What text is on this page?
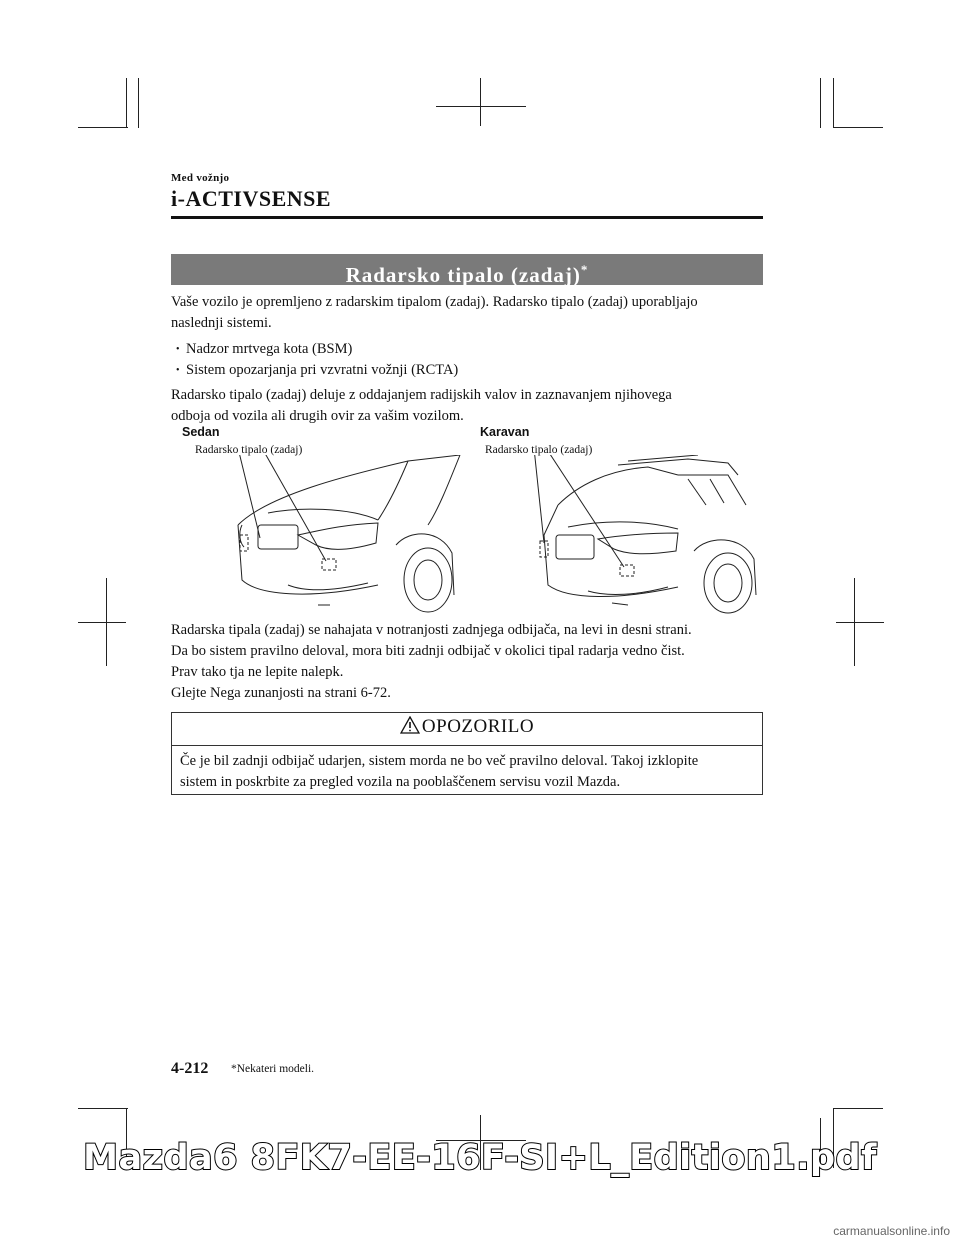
Med vožnjo
i-ACTIVSENSE
Radarsko tipalo (zadaj)*
Vaše vozilo je opremljeno z radarskim tipalom (zadaj). Radarsko tipalo (zadaj) uporabljajo
naslednji sistemi.
• Nadzor mrtvega kota (BSM)
• Sistem opozarjanja pri vzvratni vožnji (RCTA)
Radarsko tipalo (zadaj) deluje z oddajanjem radijskih valov in zaznavanjem njihovega
odboja od vozila ali drugih ovir za vašim vozilom.
Sedan
Radarsko tipalo (zadaj)
Karavan
Radarsko tipalo (zadaj)
Radarska tipala (zadaj) se nahajata v notranjosti zadnjega odbijača, na levi in desni strani.
Da bo sistem pravilno deloval, mora biti zadnji odbijač v okolici tipal radarja vedno čist.
Prav tako tja ne lepite nalepk.
Glejte Nega zunanjosti na strani 6-72.
OPOZORILO
Če je bil zadnji odbijač udarjen, sistem morda ne bo več pravilno deloval. Takoj izklopite
sistem in poskrbite za pregled vozila na pooblaščenem servisu vozil Mazda.
4-212 *Nekateri modeli.
Mazda6 8FK7-EE-16F-SI+L_Edition1.pdf
carmanualsonline.info
